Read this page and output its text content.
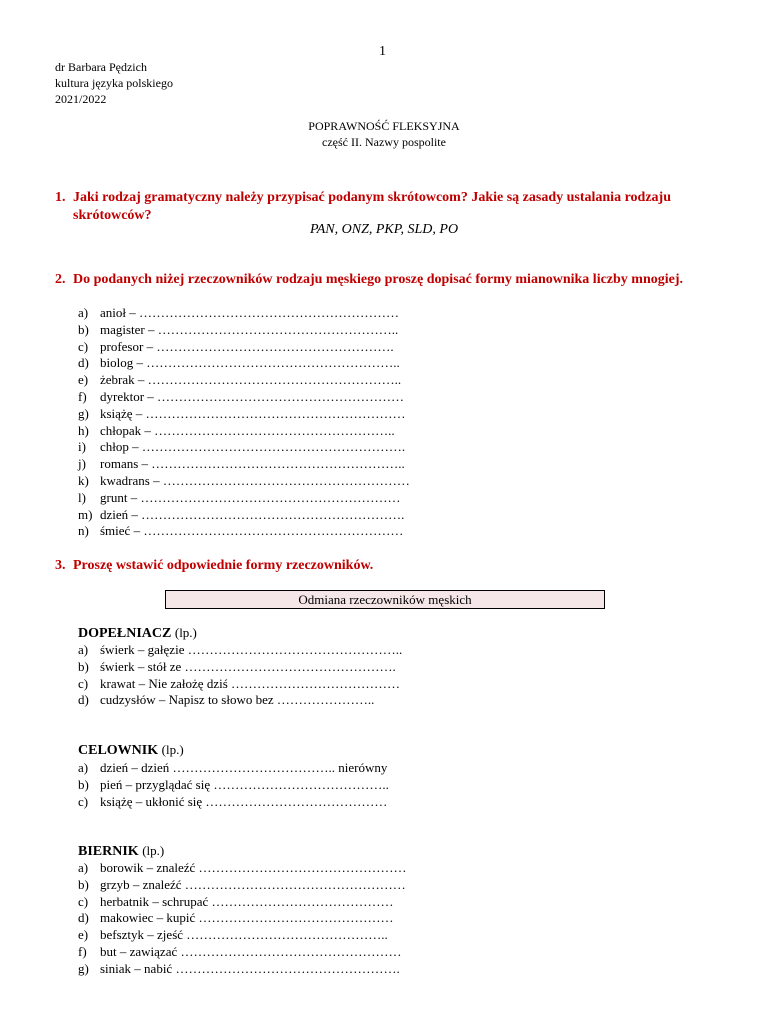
1
dr Barbara Pędzich
kultura języka polskiego
2021/2022
POPRAWNOŚĆ FLEKSYJNA
część II. Nazwy pospolite
1. Jaki rodzaj gramatyczny należy przypisać podanym skrótowcom? Jakie są zasady ustalania rodzaju skrótowców?
PAN, ONZ, PKP, SLD, PO
2. Do podanych niżej rzeczowników rodzaju męskiego proszę dopisać formy mianownika liczby mnogiej.
a) anioł – ……………………………………………………
b) magister – ………………………………………………..
c) profesor – ……………………………………………….
d) biolog – …………………………………………………..
e) żebrak – …………………………………………………..
f) dyrektor – …………………………………………………
g) książę – ……………………………………………………
h) chłopak – ………………………………………………..
i) chłop – …………………………………………………….
j) romans – …………………………………………………..
k) kwadrans – …………………………………………………
l) grunt – ……………………………………………………
m) dzień – …………………………………………………….
n) śmieć – ……………………………………………………
3. Proszę wstawić odpowiednie formy rzeczowników.
Odmiana rzeczowników męskich
DOPEŁNIACZ (lp.)
a) świerk – gałęzie …………………………………………..
b) świerk – stół ze ………………………………………….
c) krawat – Nie założę dziś …………………………………
d) cudzysłów – Napisz to słowo bez …………………..
CELOWNIK (lp.)
a) dzień – dzień ……………………………….. nierówny
b) pień – przyglądać się …………………………………..
c) książę – ukłonić się ……………………………………
BIERNIK (lp.)
a) borowik – znaleźć …………………………………………
b) grzyb – znaleźć ……………………………………………
c) herbatnik – schrupać ……………………………………
d) makowiec – kupić ………………………………………
e) befsztyk – zjeść ………………………………………..
f) but – zawiązać ……………………………………………
g) siniak – nabić …………………………………………….
